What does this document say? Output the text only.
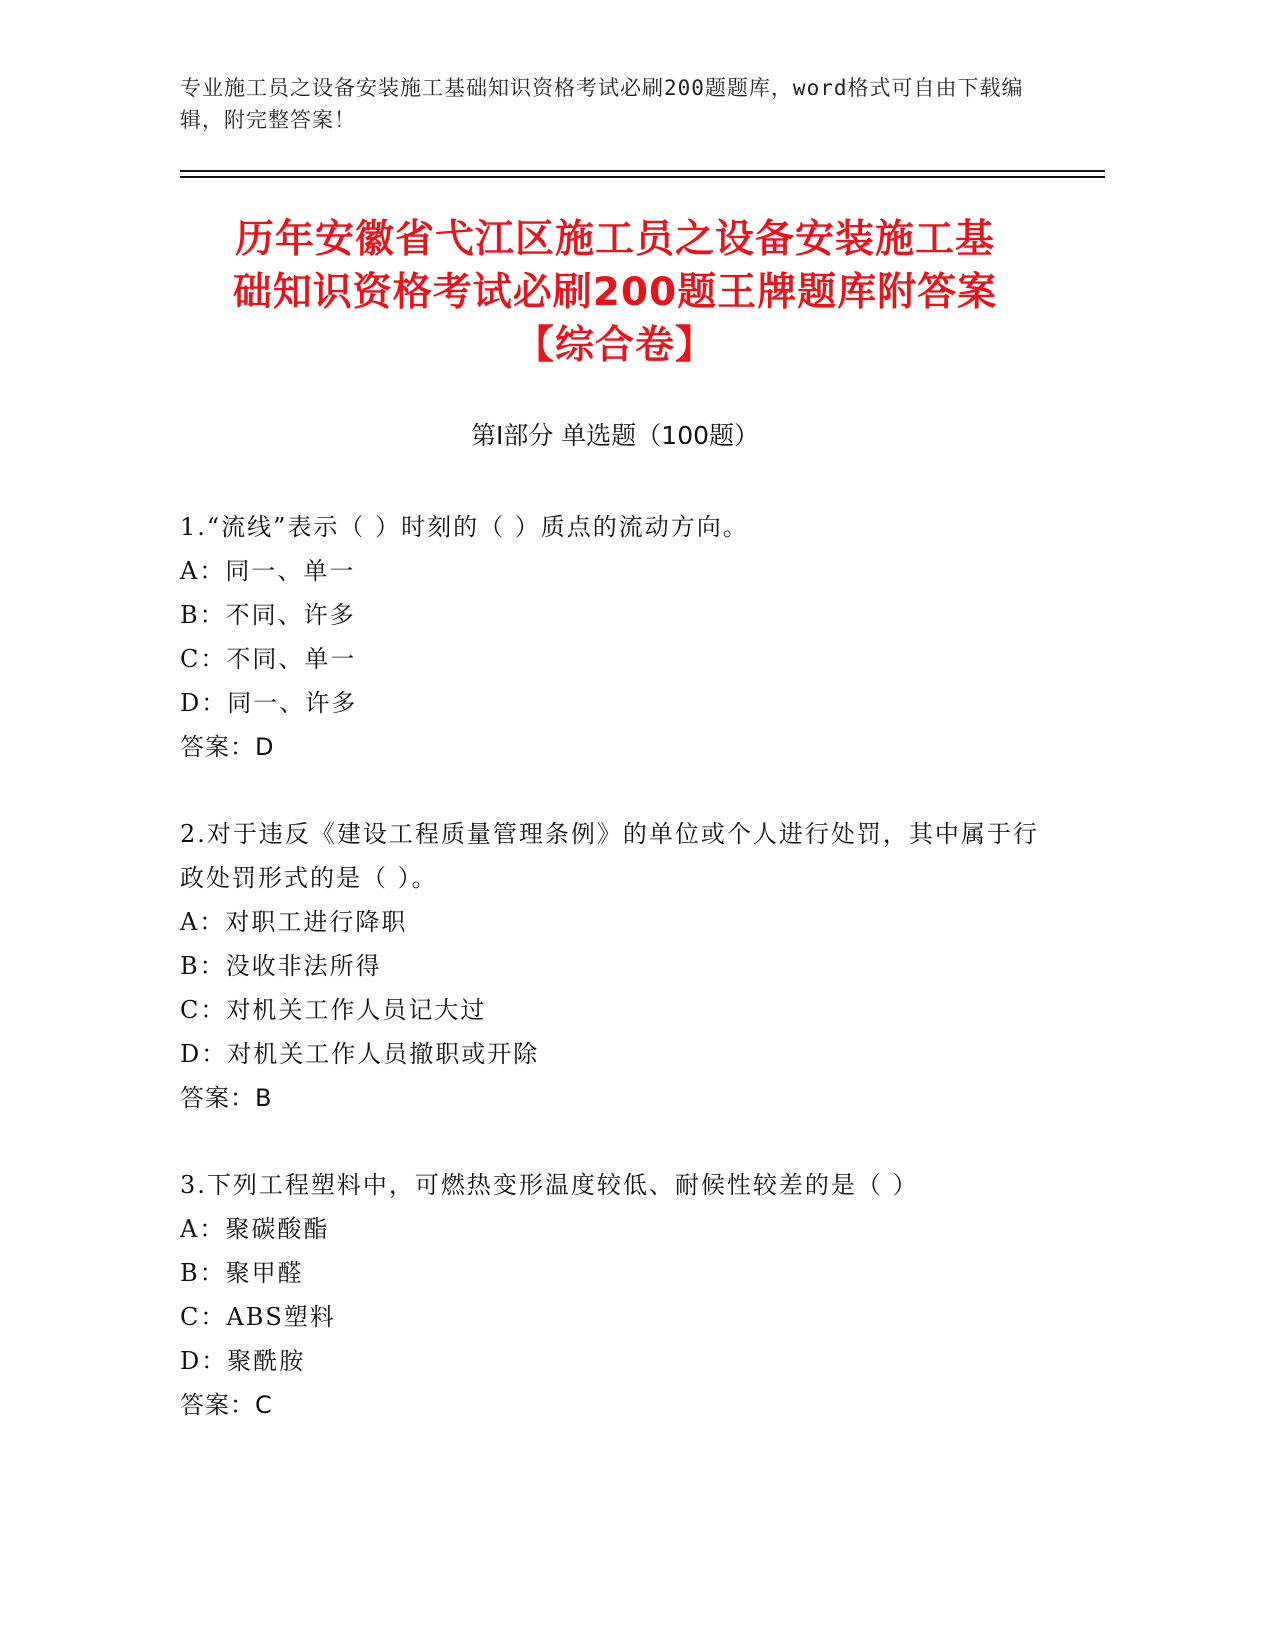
专业施工员之设备安装施工基础知识资格考试必刷200题题库，word格式可自由下载编辑，附完整答案！
历年安徽省弋江区施工员之设备安装施工基
础知识资格考试必刷200题王牌题库附答案
【综合卷】
第Ⅰ部分 单选题（100题）
1.“流线”表示（ ）时刻的（ ）质点的流动方向。
A：同一、单一
B：不同、许多
C：不同、单一
D：同一、许多
答案：D
2.对于违反《建设工程质量管理条例》的单位或个人进行处罚，其中属于行政处罚形式的是（ ）。
A：对职工进行降职
B：没收非法所得
C：对机关工作人员记大过
D：对机关工作人员撤职或开除
答案：B
3.下列工程塑料中，可燃热变形温度较低、耐候性较差的是（ ）
A：聚碳酸酯
B：聚甲醛
C：ABS塑料
D：聚酰胺
答案：C
